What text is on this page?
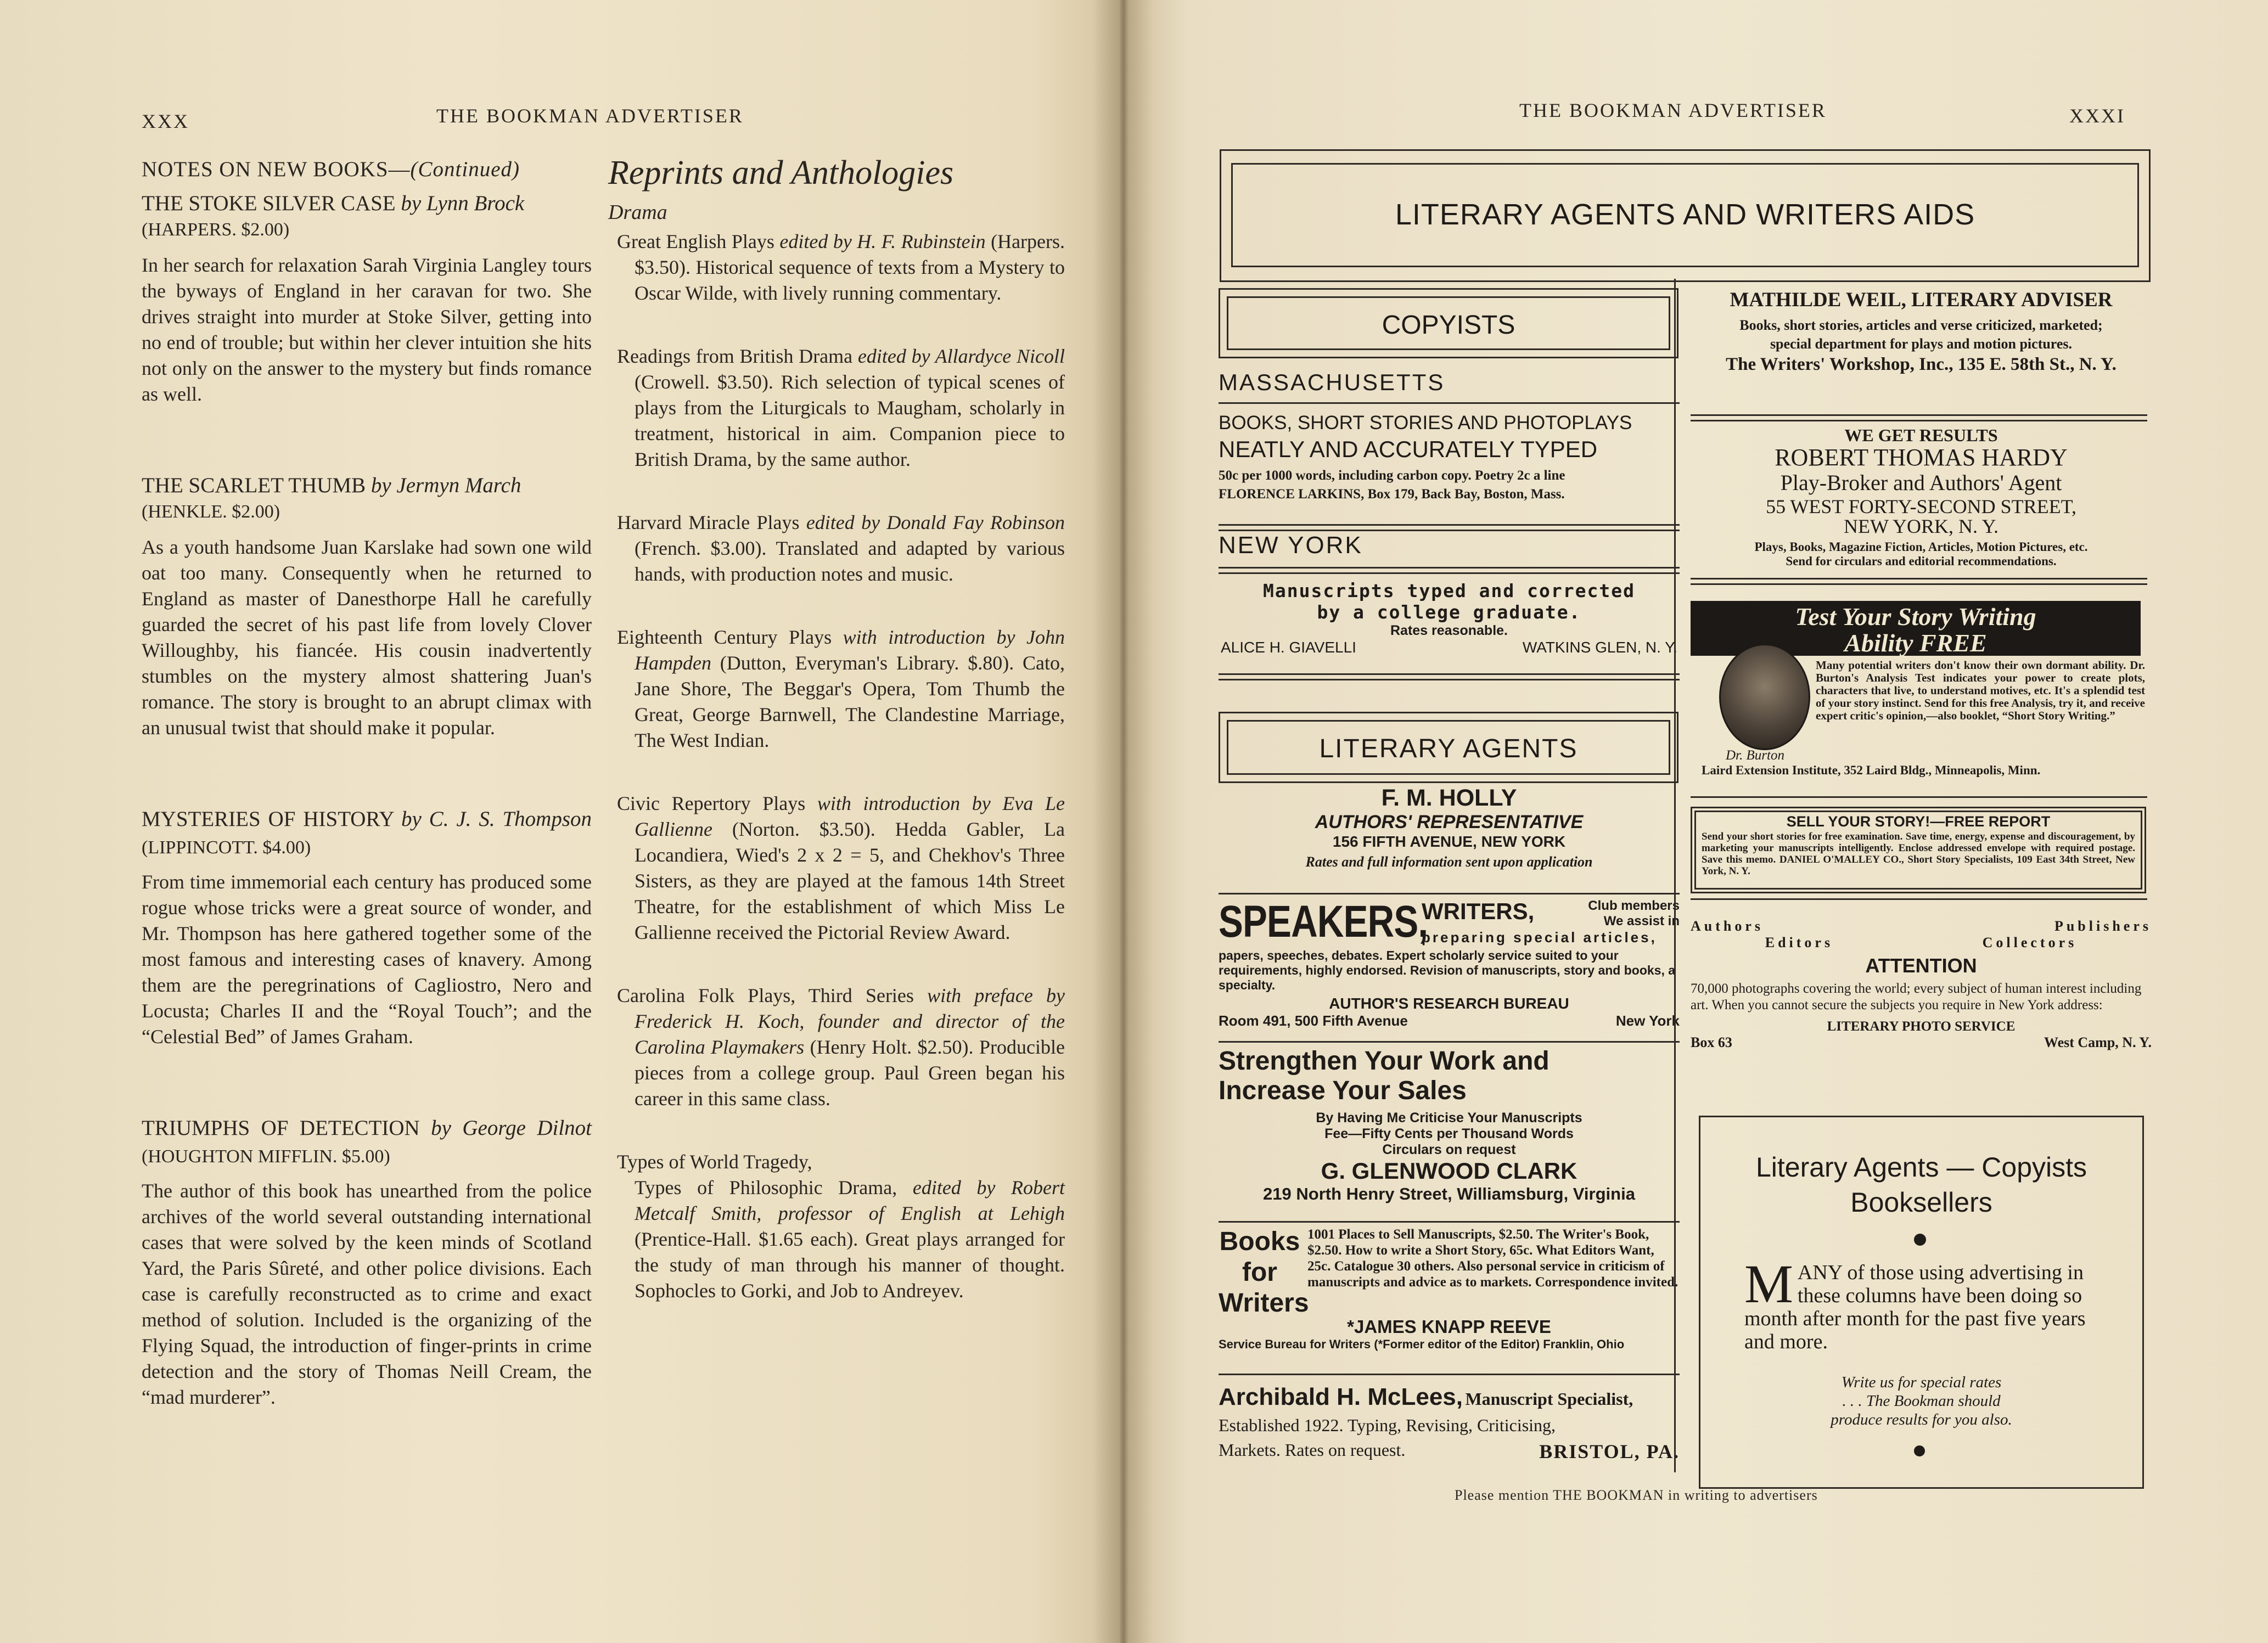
XXX	THE BOOKMAN ADVERTISER
NOTES ON NEW BOOKS—(Continued)
THE STOKE SILVER CASE by Lynn Brock
(HARPERS. $2.00)

In her search for relaxation Sarah Virginia Langley tours the byways of England in her caravan for two. She drives straight into murder at Stoke Silver, getting into no end of trouble; but within her clever intuition she hits not only on the answer to the mystery but finds romance as well.

THE SCARLET THUMB by Jermyn March
(HENKLE. $2.00)

As a youth handsome Juan Karslake had sown one wild oat too many. Consequently when he returned to England as master of Danesthorpe Hall he carefully guarded the secret of his past life from lovely Clover Willoughby, his fiancée. His cousin inadvertently stumbles on the mystery almost shattering Juan's romance. The story is brought to an abrupt climax with an unusual twist that should make it popular.

MYSTERIES OF HISTORY by C. J. S. Thompson (LIPPINCOTT. $4.00)

From time immemorial each century has produced some rogue whose tricks were a great source of wonder, and Mr. Thompson has here gathered together some of the most famous and interesting cases of knavery. Among them are the peregrinations of Cagliostro, Nero and Locusta; Charles II and the “Royal Touch”; and the “Celestial Bed” of James Graham.

TRIUMPHS OF DETECTION by George Dilnot (HOUGHTON MIFFLIN. $5.00)

The author of this book has unearthed from the police archives of the world several outstanding international cases that were solved by the keen minds of Scotland Yard, the Paris Sûreté, and other police divisions. Each case is carefully reconstructed as to crime and exact method of solution. Included is the organizing of the Flying Squad, the introduction of finger-prints in crime detection and the story of Thomas Neill Cream, the “mad murderer”.

Reprints and Anthologies
Drama
Great English Plays edited by H. F. Rubinstein (Harpers. $3.50). Historical sequence of texts from a Mystery to Oscar Wilde, with lively running commentary.
Readings from British Drama edited by Allardyce Nicoll (Crowell. $3.50). Rich selection of typical scenes of plays from the Liturgicals to Maugham, scholarly in treatment, historical in aim. Companion piece to British Drama, by the same author.
Harvard Miracle Plays edited by Donald Fay Robinson (French. $3.00). Translated and adapted by various hands, with production notes and music.
Eighteenth Century Plays with introduction by John Hampden (Dutton, Everyman's Library. $.80). Cato, Jane Shore, The Beggar's Opera, Tom Thumb the Great, George Barnwell, The Clandestine Marriage, The West Indian.
Civic Repertory Plays with introduction by Eva Le Gallienne (Norton. $3.50). Hedda Gabler, La Locandiera, Wied's 2 x 2 = 5, and Chekhov's Three Sisters, as they are played at the famous 14th Street Theatre, for the establishment of which Miss Le Gallienne received the Pictorial Review Award.
Carolina Folk Plays, Third Series with preface by Frederick H. Koch, founder and director of the Carolina Playmakers (Henry Holt. $2.50). Producible pieces from a college group. Paul Green began his career in this same class.
Types of World Tragedy,
Types of Philosophic Drama, edited by Robert Metcalf Smith, professor of English at Lehigh (Prentice-Hall. $1.65 each). Great plays arranged for the study of man through his manner of thought. Sophocles to Gorki, and Job to Andreyev.
THE BOOKMAN ADVERTISER	XXXI
LITERARY AGENTS AND WRITERS AIDS
COPYISTS
MASSACHUSETTS
BOOKS, SHORT STORIES AND PHOTOPLAYS
NEATLY AND ACCURATELY TYPED
50c per 1000 words, including carbon copy. Poetry 2c a line
FLORENCE LARKINS, Box 179, Back Bay, Boston, Mass.
NEW YORK
Manuscripts typed and corrected
by a college graduate.
Rates reasonable.
ALICE H. GIAVELLI	WATKINS GLEN, N. Y.
LITERARY AGENTS
F. M. HOLLY
AUTHORS' REPRESENTATIVE
156 FIFTH AVENUE, NEW YORK
Rates and full information sent upon application
SPEAKERS,
WRITERS,	Club members
We assist in
preparing special articles,
papers, speeches, debates. Expert scholarly service suited to your requirements, highly endorsed. Revision of manuscripts, story and books, a specialty.
AUTHOR'S RESEARCH BUREAU
Room 491, 500 Fifth Avenue	New York
Strengthen Your Work and
Increase Your Sales
By Having Me Criticise Your Manuscripts
Fee—Fifty Cents per Thousand Words
Circulars on request
G. GLENWOOD CLARK
219 North Henry Street, Williamsburg, Virginia
Books
for
Writers
1001 Places to Sell Manuscripts, $2.50. The Writer's Book, $2.50. How to write a Short Story, 65c. What Editors Want, 25c. Catalogue 30 others. Also personal service in criticism of manuscripts and advice as to markets. Correspondence invited.
*JAMES KNAPP REEVE
Service Bureau for Writers (*Former editor of the Editor) Franklin, Ohio
Archibald H. McLees, Manuscript Specialist,
Established 1922. Typing, Revising, Criticising,
Markets. Rates on request.	BRISTOL, PA.
MATHILDE WEIL, LITERARY ADVISER
Books, short stories, articles and verse criticized, marketed;
special department for plays and motion pictures.
The Writers' Workshop, Inc., 135 E. 58th St., N. Y.
WE GET RESULTS
ROBERT THOMAS HARDY
Play-Broker and Authors' Agent
55 WEST FORTY-SECOND STREET,
NEW YORK, N. Y.
Plays, Books, Magazine Fiction, Articles, Motion Pictures, etc.
Send for circulars and editorial recommendations.
Test Your Story Writing
Ability FREE
Many potential writers don't know their own dormant ability. Dr. Burton's Analysis Test indicates your power to create plots, characters that live, to understand motives, etc. It's a splendid test of your story instinct. Send for this free Analysis, try it, and receive expert critic's opinion,—also booklet, “Short Story Writing.”
Dr. Burton
Laird Extension Institute, 352 Laird Bldg., Minneapolis, Minn.
SELL YOUR STORY!—FREE REPORT
Send your short stories for free examination. Save time, energy, expense and discouragement, by marketing your manuscripts intelligently. Enclose addressed envelope with required postage. Save this memo. DANIEL O'MALLEY CO., Short Story Specialists, 109 East 34th Street, New York, N. Y.
Authors	Publishers
Editors	Collectors
ATTENTION
70,000 photographs covering the world; every subject of human interest including art. When you cannot secure the subjects you require in New York address:
LITERARY PHOTO SERVICE
Box 63	West Camp, N. Y.
Literary Agents — Copyists
Booksellers
MANY of those using advertising in these columns have been doing so month after month for the past five years and more.
Write us for special rates
. . . The Bookman should
produce results for you also.
Please mention THE BOOKMAN in writing to advertisers
